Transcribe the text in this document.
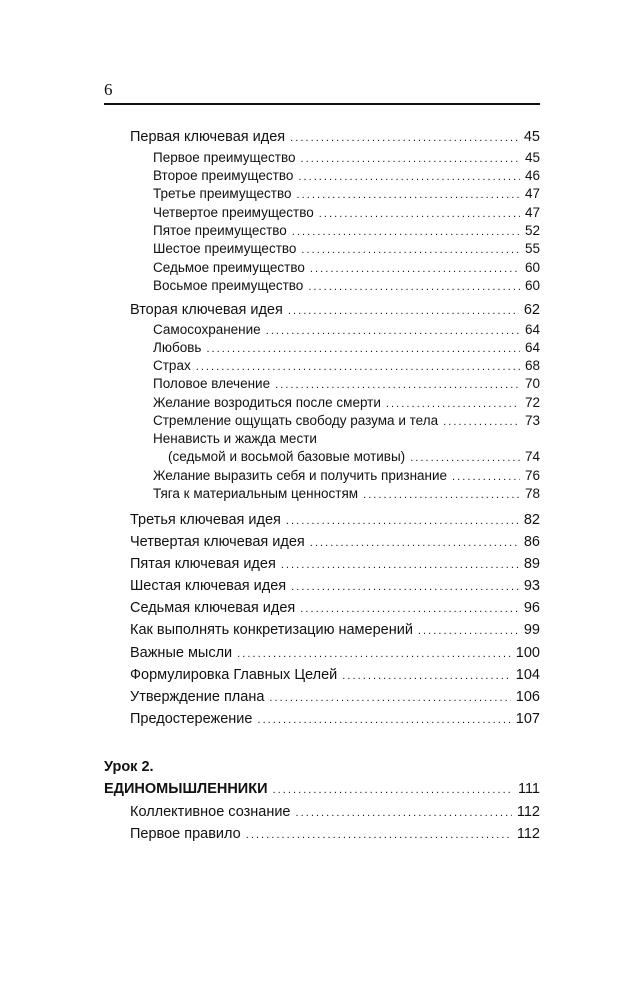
6
Первая ключевая идея . . .	45
Первое преимущество . . .	45
Второе преимущество . . .	46
Третье преимущество . . .	47
Четвертое преимущество . . .	47
Пятое преимущество . . .	52
Шестое преимущество . . .	55
Седьмое преимущество . . .	60
Восьмое преимущество . . .	60
Вторая ключевая идея . . .	62
Самосохранение . . .	64
Любовь . . .	64
Страх . . .	68
Половое влечение . . .	70
Желание возродиться после смерти . . .	72
Стремление ощущать свободу разума и тела . . .	73
Ненависть и жажда мести
(седьмой и восьмой базовые мотивы) . . .	74
Желание выразить себя и получить признание . . .	76
Тяга к материальным ценностям . . .	78
Третья ключевая идея . . .	82
Четвертая ключевая идея . . .	86
Пятая ключевая идея . . .	89
Шестая ключевая идея . . .	93
Седьмая ключевая идея . . .	96
Как выполнять конкретизацию намерений . . .	99
Важные мысли . . .	100
Формулировка Главных Целей . . .	104
Утверждение плана . . .	106
Предостережение . . .	107
Урок 2.
ЕДИНОМЫШЛЕННИКИ . . .	111
Коллективное сознание . . .	112
Первое правило . . .	112
